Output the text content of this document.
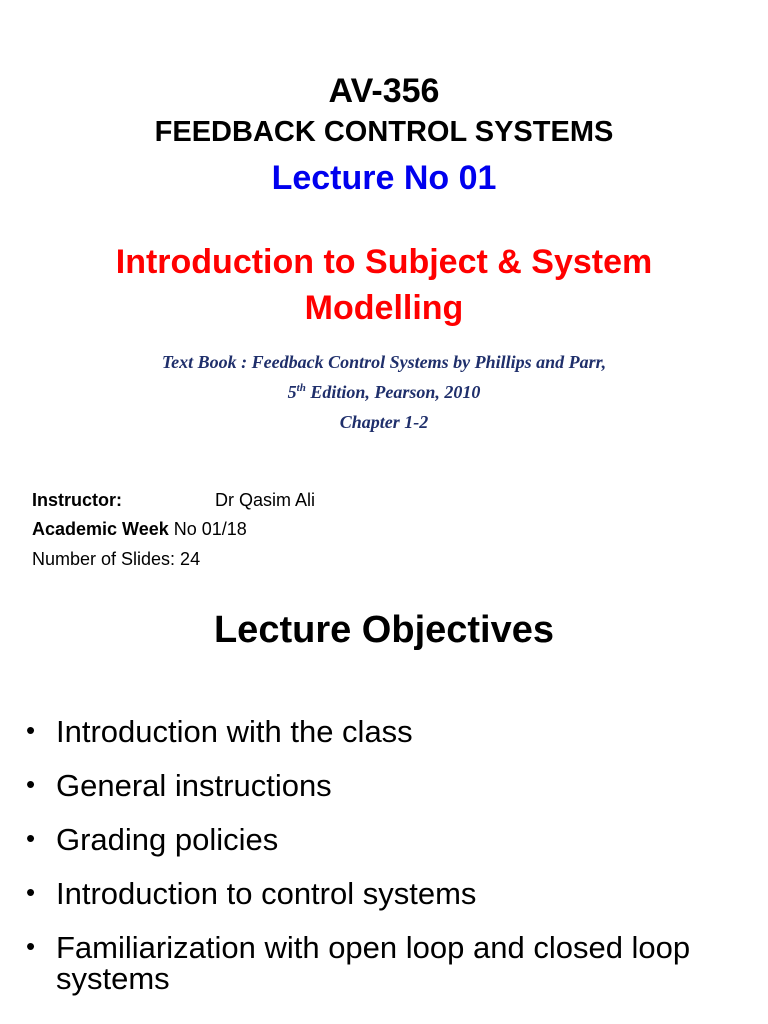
AV-356
FEEDBACK CONTROL SYSTEMS
Lecture No 01
Introduction to Subject & System
Modelling
Text Book : Feedback Control Systems by Phillips and Parr,
5th Edition, Pearson, 2010
Chapter 1-2
Instructor:	Dr Qasim Ali
Academic Week No 01/18
Number of Slides: 24
Lecture Objectives
• Introduction with the class
• General instructions
• Grading policies
• Introduction to control systems
• Familiarization with open loop and closed loop systems
